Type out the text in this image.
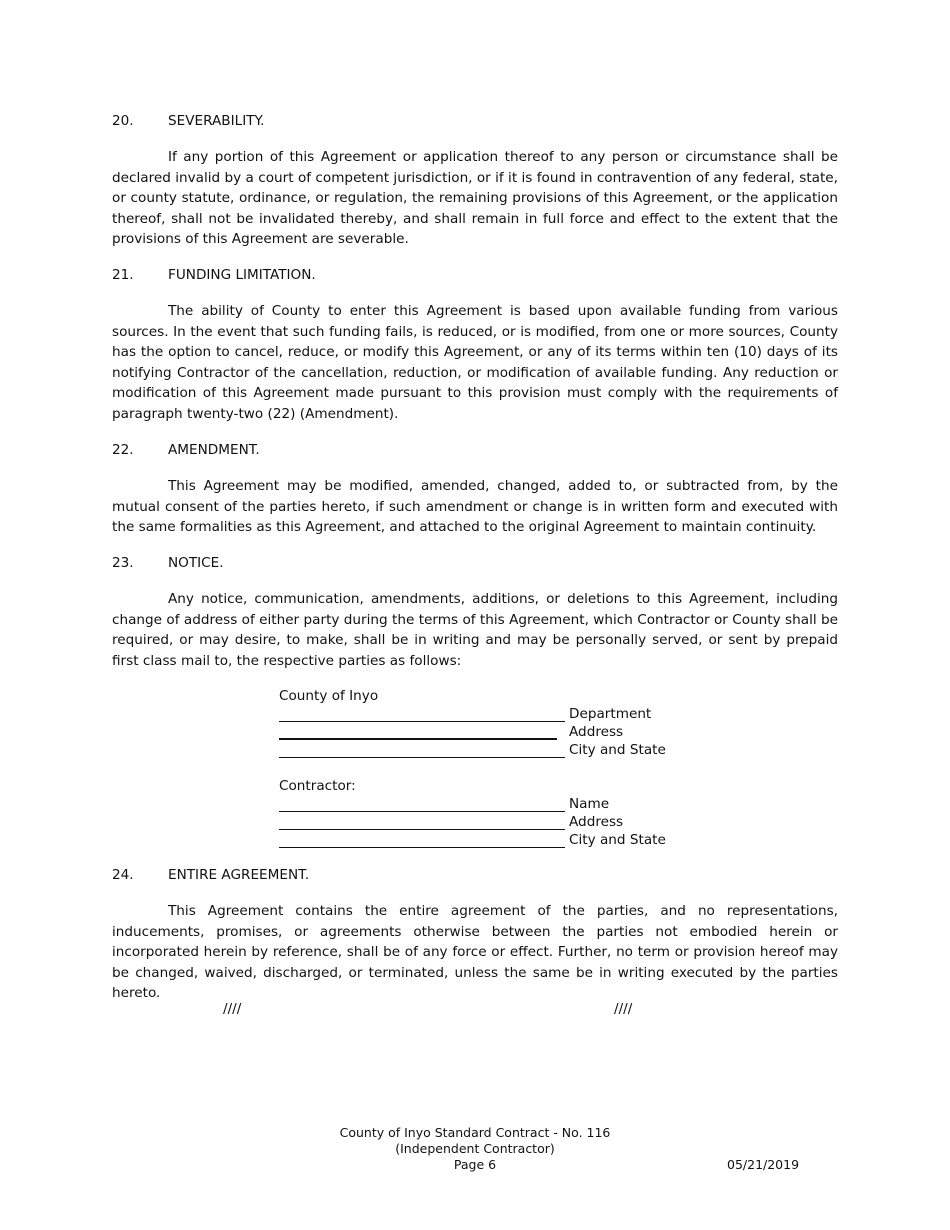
20.	SEVERABILITY.

If any portion of this Agreement or application thereof to any person or circumstance shall be declared invalid by a court of competent jurisdiction, or if it is found in contravention of any federal, state, or county statute, ordinance, or regulation, the remaining provisions of this Agreement, or the application thereof, shall not be invalidated thereby, and shall remain in full force and effect to the extent that the provisions of this Agreement are severable.

21.	FUNDING LIMITATION.

The ability of County to enter this Agreement is based upon available funding from various sources. In the event that such funding fails, is reduced, or is modified, from one or more sources, County has the option to cancel, reduce, or modify this Agreement, or any of its terms within ten (10) days of its notifying Contractor of the cancellation, reduction, or modification of available funding. Any reduction or modification of this Agreement made pursuant to this provision must comply with the requirements of paragraph twenty-two (22) (Amendment).

22.	AMENDMENT.

This Agreement may be modified, amended, changed, added to, or subtracted from, by the mutual consent of the parties hereto, if such amendment or change is in written form and executed with the same formalities as this Agreement, and attached to the original Agreement to maintain continuity.

23.	NOTICE.

Any notice, communication, amendments, additions, or deletions to this Agreement, including change of address of either party during the terms of this Agreement, which Contractor or County shall be required, or may desire, to make, shall be in writing and may be personally served, or sent by prepaid first class mail to, the respective parties as follows:

County of Inyo
Department
Address
City and State
Contractor:
Name
Address
City and State
24.	ENTIRE AGREEMENT.

This Agreement contains the entire agreement of the parties, and no representations, inducements, promises, or agreements otherwise between the parties not embodied herein or incorporated herein by reference, shall be of any force or effect. Further, no term or provision hereof may be changed, waived, discharged, or terminated, unless the same be in writing executed by the parties hereto.

////	////
County of Inyo Standard Contract - No. 116
(Independent Contractor)
Page 6	05/21/2019
